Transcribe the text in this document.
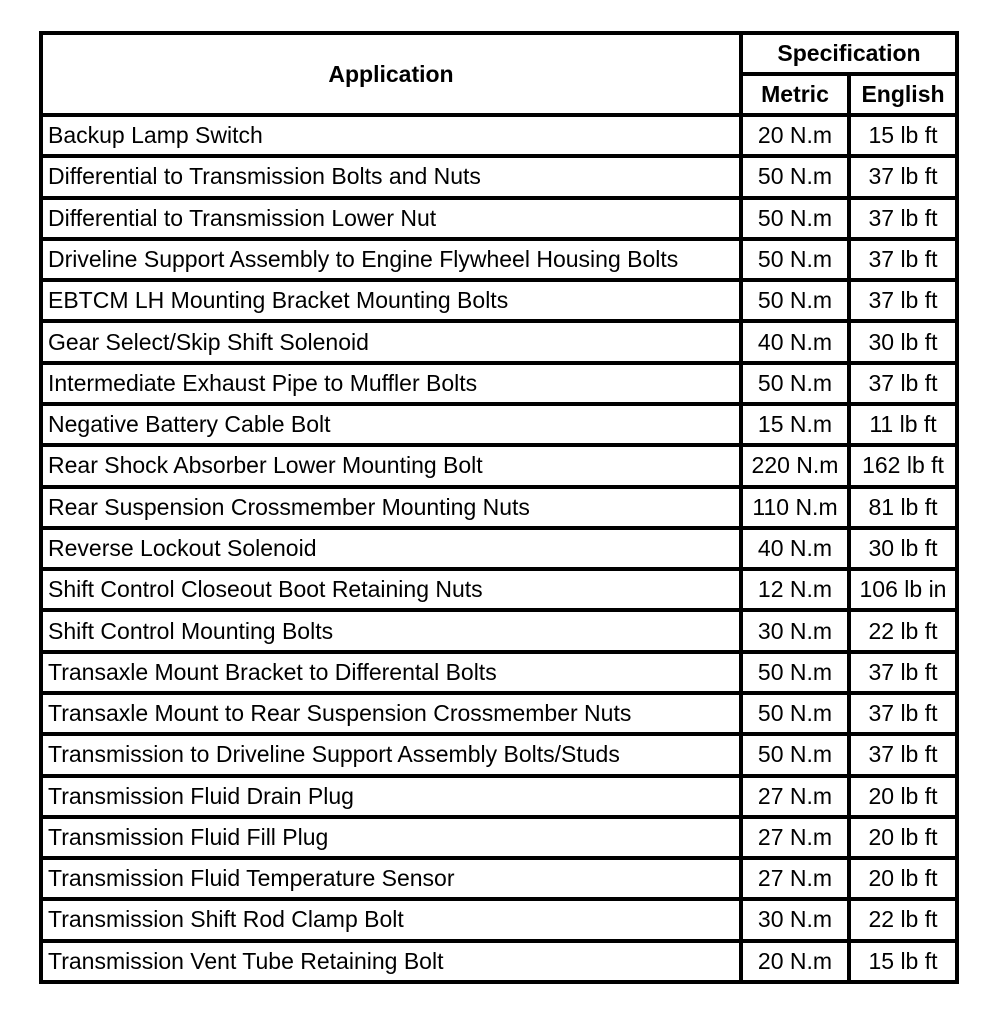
Application	Specification	
	Metric	English
Backup Lamp Switch	20 N.m	15 lb ft
Differential to Transmission Bolts and Nuts	50 N.m	37 lb ft
Differential to Transmission Lower Nut	50 N.m	37 lb ft
Driveline Support Assembly to Engine Flywheel Housing Bolts	50 N.m	37 lb ft
EBTCM LH Mounting Bracket Mounting Bolts	50 N.m	37 lb ft
Gear Select/Skip Shift Solenoid	40 N.m	30 lb ft
Intermediate Exhaust Pipe to Muffler Bolts	50 N.m	37 lb ft
Negative Battery Cable Bolt	15 N.m	11 lb ft
Rear Shock Absorber Lower Mounting Bolt	220 N.m	162 lb ft
Rear Suspension Crossmember Mounting Nuts	110 N.m	81 lb ft
Reverse Lockout Solenoid	40 N.m	30 lb ft
Shift Control Closeout Boot Retaining Nuts	12 N.m	106 lb in
Shift Control Mounting Bolts	30 N.m	22 lb ft
Transaxle Mount Bracket to Differental Bolts	50 N.m	37 lb ft
Transaxle Mount to Rear Suspension Crossmember Nuts	50 N.m	37 lb ft
Transmission to Driveline Support Assembly Bolts/Studs	50 N.m	37 lb ft
Transmission Fluid Drain Plug	27 N.m	20 lb ft
Transmission Fluid Fill Plug	27 N.m	20 lb ft
Transmission Fluid Temperature Sensor	27 N.m	20 lb ft
Transmission Shift Rod Clamp Bolt	30 N.m	22 lb ft
Transmission Vent Tube Retaining Bolt	20 N.m	15 lb ft
